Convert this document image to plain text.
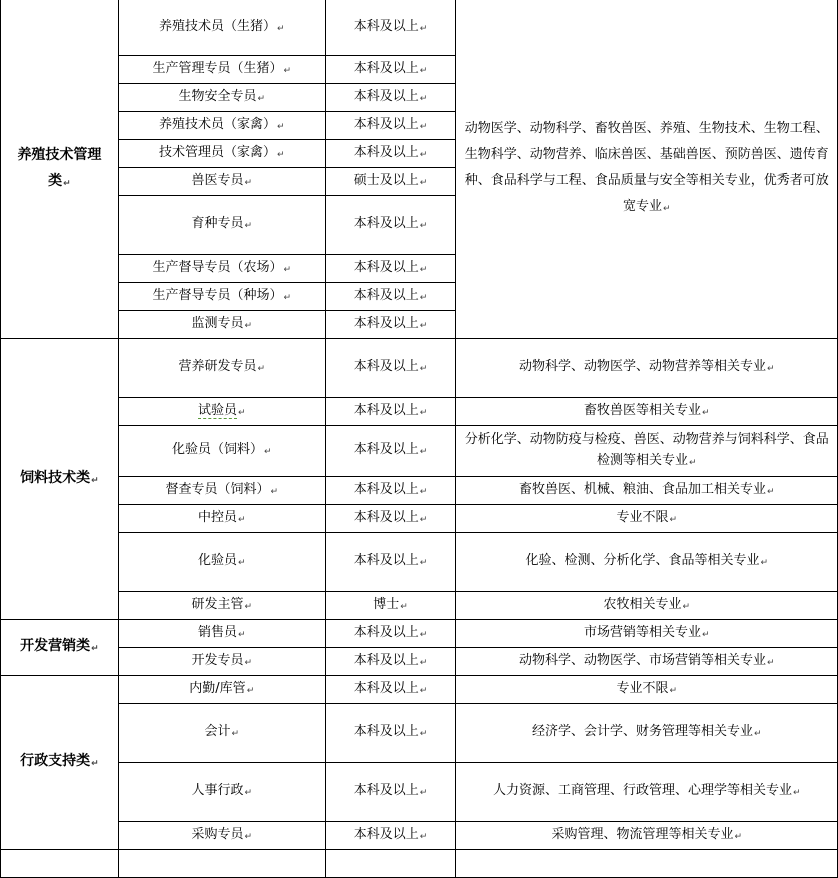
养殖技术管理类↵	养殖技术员（生猪）↵	本科及以上↵	动物医学、动物科学、畜牧兽医、养殖、生物技术、生物工程、生物科学、动物营养、临床兽医、基础兽医、预防兽医、遗传育种、食品科学与工程、食品质量与安全等相关专业，优秀者可放宽专业↵
	生产管理专员（生猪）↵	本科及以上↵
	生物安全专员↵	本科及以上↵
	养殖技术员（家禽）↵	本科及以上↵
	技术管理员（家禽）↵	本科及以上↵
	兽医专员↵	硕士及以上↵
	育种专员↵	本科及以上↵
	生产督导专员（农场）↵	本科及以上↵
	生产督导专员（种场）↵	本科及以上↵
	监测专员↵	本科及以上↵
饲料技术类↵	营养研发专员↵	本科及以上↵	动物科学、动物医学、动物营养等相关专业↵
	试验员↵	本科及以上↵	畜牧兽医等相关专业↵
	化验员（饲料）↵	本科及以上↵	分析化学、动物防疫与检疫、兽医、动物营养与饲料科学、食品检测等相关专业↵
	督查专员（饲料）↵	本科及以上↵	畜牧兽医、机械、粮油、食品加工相关专业↵
	中控员↵	本科及以上↵	专业不限↵
	化验员↵	本科及以上↵	化验、检测、分析化学、食品等相关专业↵
	研发主管↵	博士↵	农牧相关专业↵
开发营销类↵	销售员↵	本科及以上↵	市场营销等相关专业↵
	开发专员↵	本科及以上↵	动物科学、动物医学、市场营销等相关专业↵
行政支持类↵	内勤/库管↵	本科及以上↵	专业不限↵
	会计↵	本科及以上↵	经济学、会计学、财务管理等相关专业↵
	人事行政↵	本科及以上↵	人力资源、工商管理、行政管理、心理学等相关专业↵
	采购专员↵	本科及以上↵	采购管理、物流管理等相关专业↵
